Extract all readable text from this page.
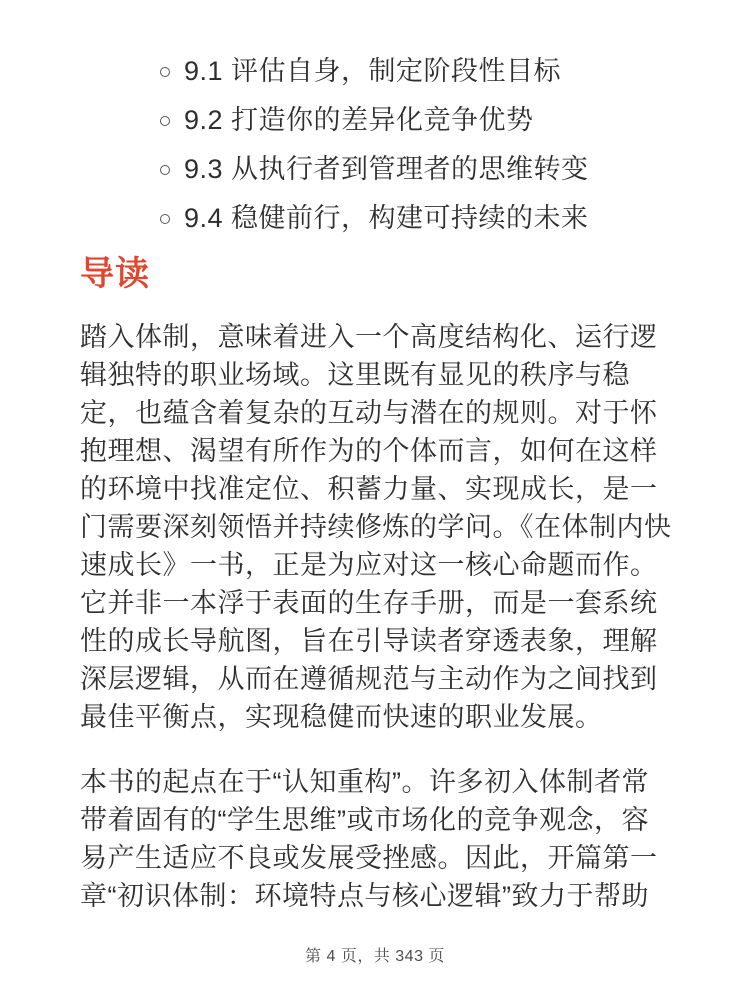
9.1 评估自身，制定阶段性目标
9.2 打造你的差异化竞争优势
9.3 从执行者到管理者的思维转变
9.4 稳健前行，构建可持续的未来
导读

踏入体制，意味着进入一个高度结构化、运行逻辑独特的职业场域。这里既有显见的秩序与稳定，也蕴含着复杂的互动与潜在的规则。对于怀抱理想、渴望有所作为的个体而言，如何在这样的环境中找准定位、积蓄力量、实现成长，是一门需要深刻领悟并持续修炼的学问。《在体制内快速成长》一书，正是为应对这一核心命题而作。它并非一本浮于表面的生存手册，而是一套系统性的成长导航图，旨在引导读者穿透表象，理解深层逻辑，从而在遵循规范与主动作为之间找到最佳平衡点，实现稳健而快速的职业发展。

本书的起点在于“认知重构”。许多初入体制者常带着固有的“学生思维”或市场化的竞争观念，容易产生适应不良或发展受挫感。因此，开篇第一章“初识体制：环境特点与核心逻辑”致力于帮助

第 4 页，共 343 页
